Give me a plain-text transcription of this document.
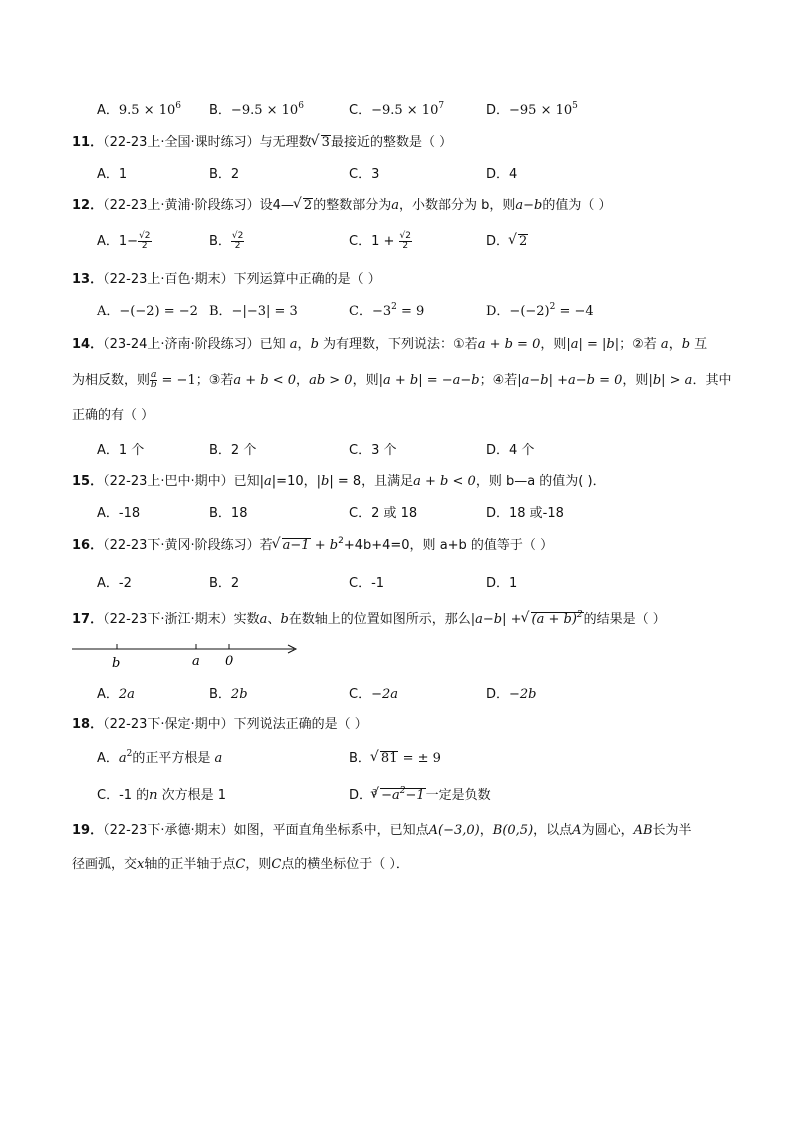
A．$9.5 \times 10^6$ B．$-9.5 \times 10^6$	C．$-9.5 \times 10^7$	D．$-95 \times 10^5$
11．（22-23上·全国·课时练习）与无理数√ 3最接近的整数是（ ）
A．1	B．2	C．3	D．4
12．（22-23上·黄浦·阶段练习）设4—√ 2的整数部分为a，小数部分为 b，则a−b的值为（ ）
A．$1- \frac{√2}{2}$	B． $\frac{√2}{2}$	C．$1 + \frac{√2}{2}$	D．√ 2
13．（22-23上·百色·期末）下列运算中正确的是（ ）
A．−(−2) = −2 B．−|−3| = 3	C．$-3^2 = 9$	D．$-(-2)^2 = -4$
14．（23-24上·济南·阶段练习）已知 a，b 为有理数，下列说法：①若a + b = 0，则|a| = |b|；②若 a，b 互
为相反数，则 $\frac{a}{b} = -1$；③若a + b < 0，ab > 0，则|a + b| = −a−b；④若|a−b| +a−b = 0，则|b| > a．其中
正确的有（ ）
A．1 个	B．2 个	C．3 个	D．4 个
15．（22-23上·巴中·期中）已知|a|=10，|b| = 8，且满足a + b < 0，则 b—a 的值为( )．
A．-18	B．18	C．2 或 18	D．18 或-18
16．（22-23下·黄冈·阶段练习）若√ $a-1 + b^2+4b+4=0$，则 a+b 的值等于（ ）
A．-2	B．2	C．-1	D．1
17．（22-23下·浙江·期末）实数a、b在数轴上的位置如图所示，那么|a−b| +√ $(a + b)^2$的结果是（ ）
b	a 0
A．2a	B．2b	C．−2a	D．−2b
18．（22-23下·保定·期中）下列说法正确的是（ ）
A．$a^2$的正平方根是 a	B．√ 81 = ± 9
C．-1 的n 次方根是 1	D．$^3√ -a^2-1$一定是负数
19．（22-23下·承德·期末）如图，平面直角坐标系中，已知点A(−3,0)，B(0,5)，以点A为圆心，AB长为半
径画弧，交x轴的正半轴于点C，则C点的横坐标位于（ ）．
